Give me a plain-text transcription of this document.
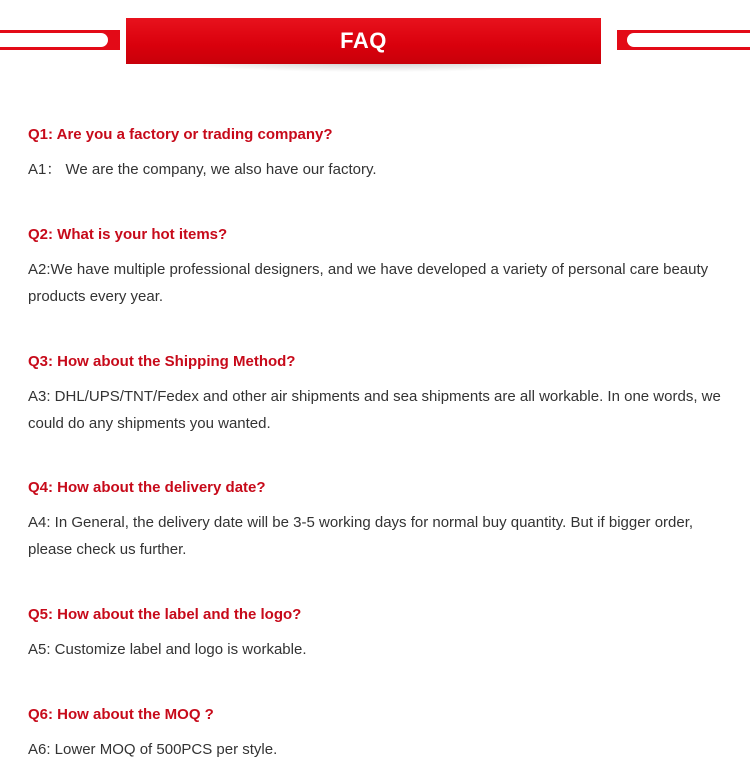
FAQ

Q1: Are you a factory or trading company?

A1： We are the company, we also have our factory.

Q2: What is your hot items?

A2:We have multiple professional designers, and we have developed a variety of personal care beauty products every year.

Q3: How about the Shipping Method?

A3: DHL/UPS/TNT/Fedex and other air shipments and sea shipments are all workable. In one words, we could do any shipments you wanted.

Q4: How about the delivery date?

A4: In General, the delivery date will be 3-5 working days for normal buy quantity. But if bigger order, please check us further.

Q5: How about the label and the logo?

A5: Customize label and logo is workable.

Q6: How about the MOQ ?

A6: Lower MOQ of 500PCS per style.
